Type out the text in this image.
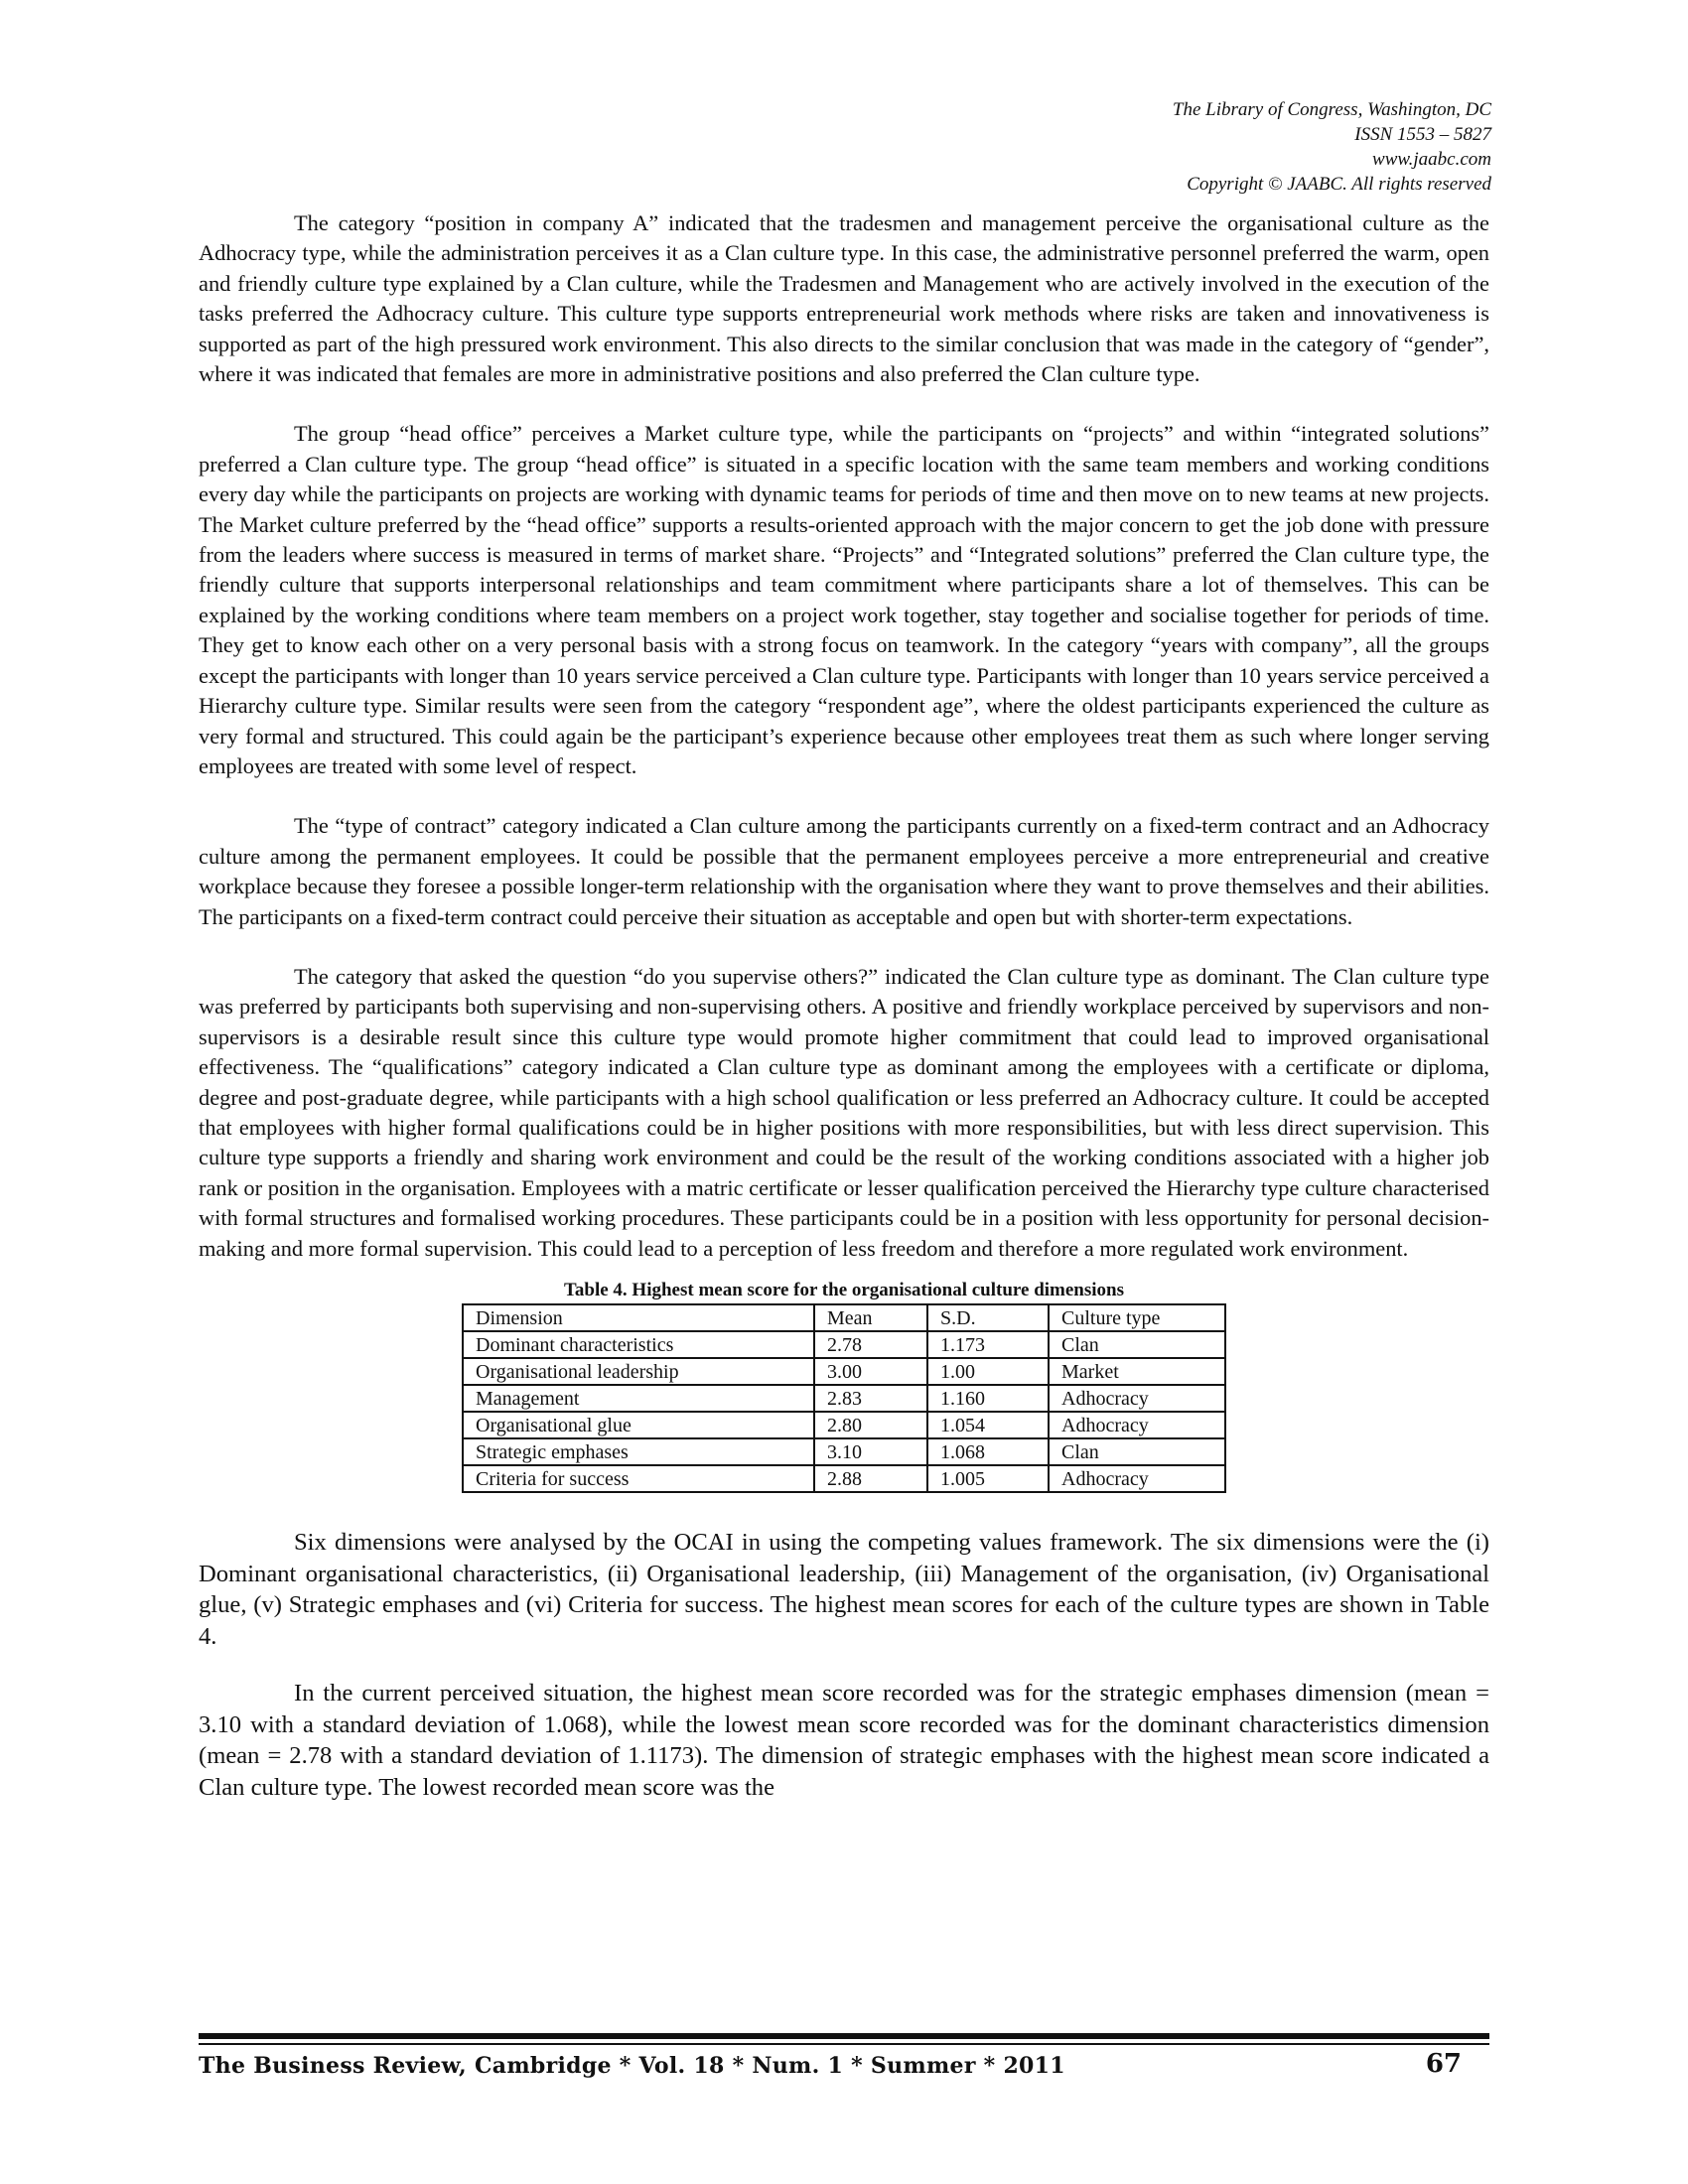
The Library of Congress, Washington, DC
ISSN 1553 – 5827
www.jaabc.com
Copyright © JAABC. All rights reserved

The category “position in company A” indicated that the tradesmen and management perceive the organisational culture as the Adhocracy type, while the administration perceives it as a Clan culture type. In this case, the administrative personnel preferred the warm, open and friendly culture type explained by a Clan culture, while the Tradesmen and Management who are actively involved in the execution of the tasks preferred the Adhocracy culture. This culture type supports entrepreneurial work methods where risks are taken and innovativeness is supported as part of the high pressured work environment. This also directs to the similar conclusion that was made in the category of “gender”, where it was indicated that females are more in administrative positions and also preferred the Clan culture type.

The group “head office” perceives a Market culture type, while the participants on “projects” and within “integrated solutions” preferred a Clan culture type. The group “head office” is situated in a specific location with the same team members and working conditions every day while the participants on projects are working with dynamic teams for periods of time and then move on to new teams at new projects. The Market culture preferred by the “head office” supports a results-oriented approach with the major concern to get the job done with pressure from the leaders where success is measured in terms of market share. “Projects” and “Integrated solutions” preferred the Clan culture type, the friendly culture that supports interpersonal relationships and team commitment where participants share a lot of themselves. This can be explained by the working conditions where team members on a project work together, stay together and socialise together for periods of time. They get to know each other on a very personal basis with a strong focus on teamwork. In the category “years with company”, all the groups except the participants with longer than 10 years service perceived a Clan culture type. Participants with longer than 10 years service perceived a Hierarchy culture type. Similar results were seen from the category “respondent age”, where the oldest participants experienced the culture as very formal and structured. This could again be the participant’s experience because other employees treat them as such where longer serving employees are treated with some level of respect.

The “type of contract” category indicated a Clan culture among the participants currently on a fixed-term contract and an Adhocracy culture among the permanent employees. It could be possible that the permanent employees perceive a more entrepreneurial and creative workplace because they foresee a possible longer-term relationship with the organisation where they want to prove themselves and their abilities. The participants on a fixed-term contract could perceive their situation as acceptable and open but with shorter-term expectations.

The category that asked the question “do you supervise others?” indicated the Clan culture type as dominant. The Clan culture type was preferred by participants both supervising and non-supervising others. A positive and friendly workplace perceived by supervisors and non-supervisors is a desirable result since this culture type would promote higher commitment that could lead to improved organisational effectiveness. The “qualifications” category indicated a Clan culture type as dominant among the employees with a certificate or diploma, degree and post-graduate degree, while participants with a high school qualification or less preferred an Adhocracy culture. It could be accepted that employees with higher formal qualifications could be in higher positions with more responsibilities, but with less direct supervision. This culture type supports a friendly and sharing work environment and could be the result of the working conditions associated with a higher job rank or position in the organisation. Employees with a matric certificate or lesser qualification perceived the Hierarchy type culture characterised with formal structures and formalised working procedures. These participants could be in a position with less opportunity for personal decision-making and more formal supervision. This could lead to a perception of less freedom and therefore a more regulated work environment.

Table 4. Highest mean score for the organisational culture dimensions
Dimension	Mean	S.D.	Culture type
Dominant characteristics	2.78	1.173	Clan
Organisational leadership	3.00	1.00	Market
Management	2.83	1.160	Adhocracy
Organisational glue	2.80	1.054	Adhocracy
Strategic emphases	3.10	1.068	Clan
Criteria for success	2.88	1.005	Adhocracy

Six dimensions were analysed by the OCAI in using the competing values framework. The six dimensions were the (i) Dominant organisational characteristics, (ii) Organisational leadership, (iii) Management of the organisation, (iv) Organisational glue, (v) Strategic emphases and (vi) Criteria for success. The highest mean scores for each of the culture types are shown in Table 4.

In the current perceived situation, the highest mean score recorded was for the strategic emphases dimension (mean = 3.10 with a standard deviation of 1.068), while the lowest mean score recorded was for the dominant characteristics dimension (mean = 2.78 with a standard deviation of 1.1173). The dimension of strategic emphases with the highest mean score indicated a Clan culture type. The lowest recorded mean score was the

The Business Review, Cambridge * Vol. 18 * Num. 1 * Summer * 2011	67
